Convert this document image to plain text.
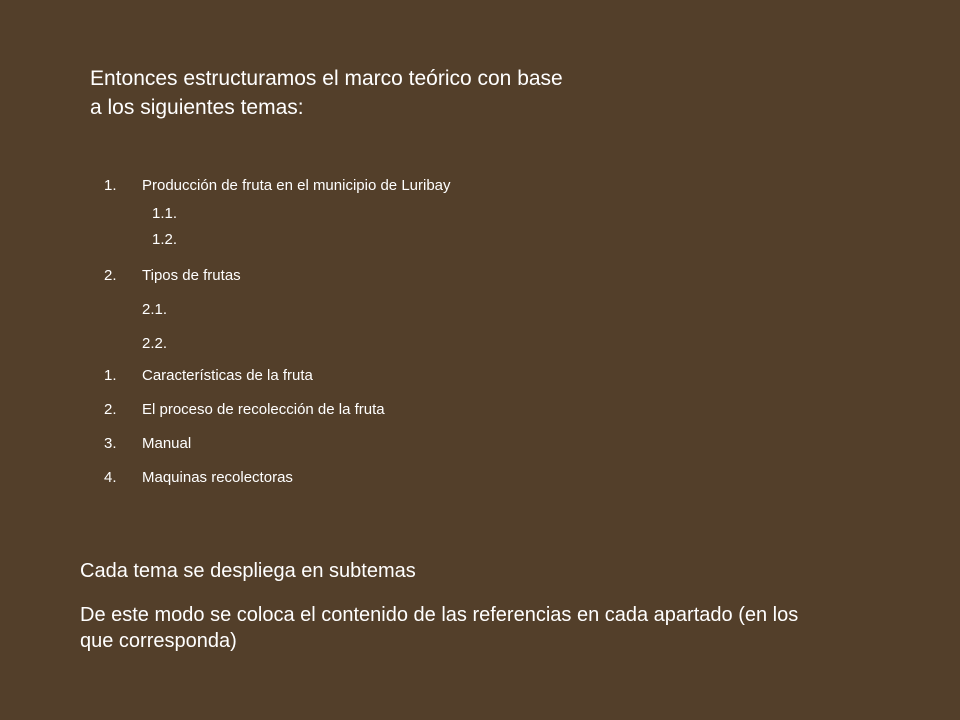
Entonces estructuramos el marco teórico con base
a los siguientes temas:
1. Producción de fruta en el municipio de Luribay
1.1.
1.2.
2. Tipos de frutas
2.1.
2.2.
1. Características de la fruta
2. El proceso de recolección de la fruta
3. Manual
4. Maquinas recolectoras

Cada tema se despliega en subtemas

De este modo se coloca el contenido de las referencias en cada apartado (en los que corresponda)
